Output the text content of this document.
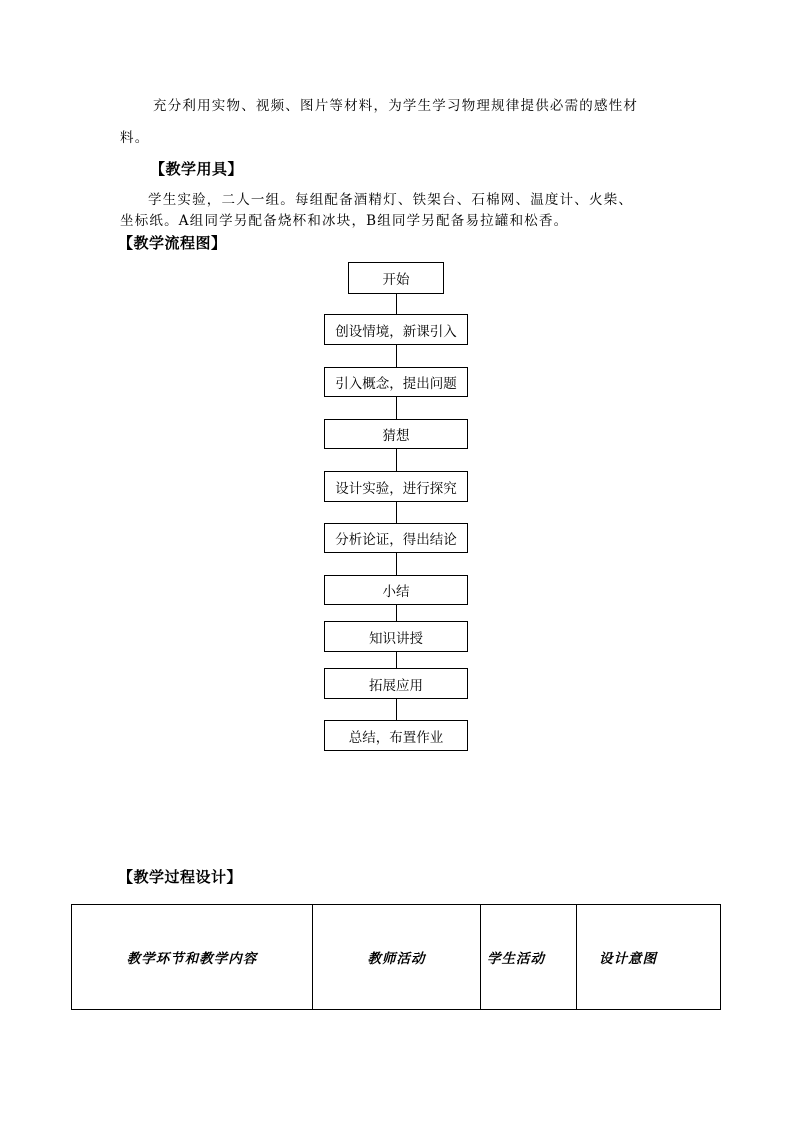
充分利用实物、视频、图片等材料，为学生学习物理规律提供必需的感性材
料。
【教学用具】
学生实验，二人一组。每组配备酒精灯、铁架台、石棉网、温度计、火柴、
坐标纸。A组同学另配备烧杯和冰块，B组同学另配备易拉罐和松香。
【教学流程图】
开始
创设情境，新课引入
引入概念，提出问题
猜想
设计实验，进行探究
分析论证，得出结论
小结
知识讲授
拓展应用
总结，布置作业
【教学过程设计】
教学环节和教学内容	教师活动	学生活动	设计意图
